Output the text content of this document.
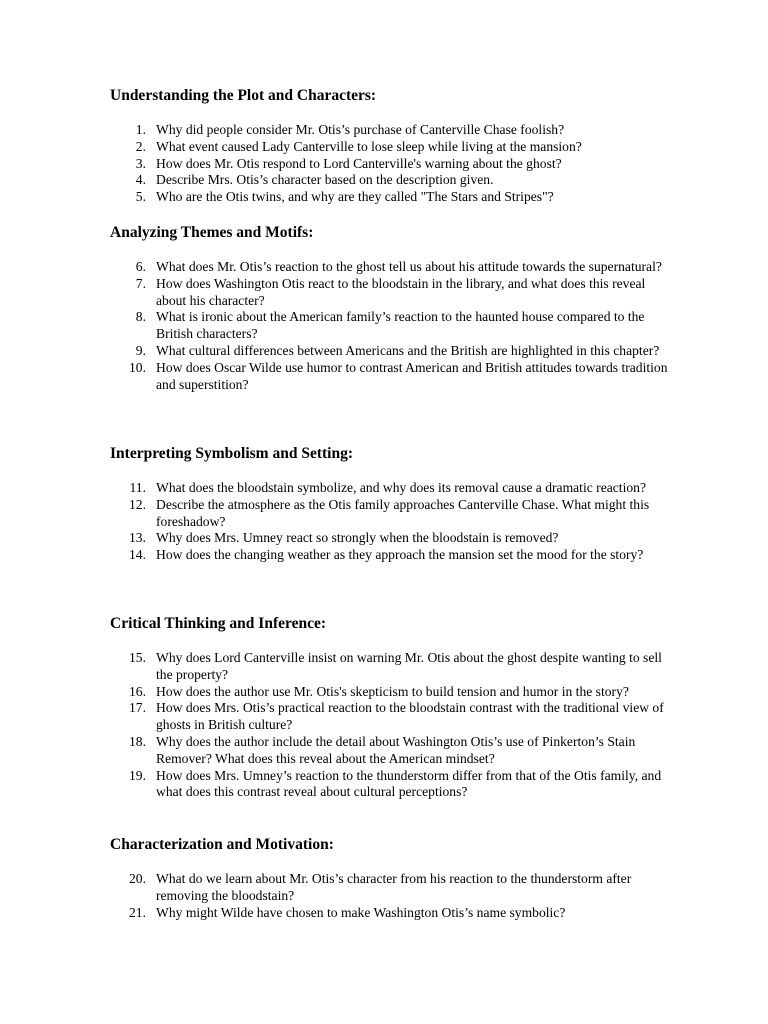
Understanding the Plot and Characters:
1. Why did people consider Mr. Otis’s purchase of Canterville Chase foolish?
2. What event caused Lady Canterville to lose sleep while living at the mansion?
3. How does Mr. Otis respond to Lord Canterville's warning about the ghost?
4. Describe Mrs. Otis’s character based on the description given.
5. Who are the Otis twins, and why are they called "The Stars and Stripes"?
Analyzing Themes and Motifs:
6. What does Mr. Otis’s reaction to the ghost tell us about his attitude towards the supernatural?
7. How does Washington Otis react to the bloodstain in the library, and what does this reveal about his character?
8. What is ironic about the American family’s reaction to the haunted house compared to the British characters?
9. What cultural differences between Americans and the British are highlighted in this chapter?
10. How does Oscar Wilde use humor to contrast American and British attitudes towards tradition and superstition?
Interpreting Symbolism and Setting:
11. What does the bloodstain symbolize, and why does its removal cause a dramatic reaction?
12. Describe the atmosphere as the Otis family approaches Canterville Chase. What might this foreshadow?
13. Why does Mrs. Umney react so strongly when the bloodstain is removed?
14. How does the changing weather as they approach the mansion set the mood for the story?
Critical Thinking and Inference:
15. Why does Lord Canterville insist on warning Mr. Otis about the ghost despite wanting to sell the property?
16. How does the author use Mr. Otis's skepticism to build tension and humor in the story?
17. How does Mrs. Otis’s practical reaction to the bloodstain contrast with the traditional view of ghosts in British culture?
18. Why does the author include the detail about Washington Otis’s use of Pinkerton’s Stain Remover? What does this reveal about the American mindset?
19. How does Mrs. Umney’s reaction to the thunderstorm differ from that of the Otis family, and what does this contrast reveal about cultural perceptions?
Characterization and Motivation:
20. What do we learn about Mr. Otis’s character from his reaction to the thunderstorm after removing the bloodstain?
21. Why might Wilde have chosen to make Washington Otis’s name symbolic?
